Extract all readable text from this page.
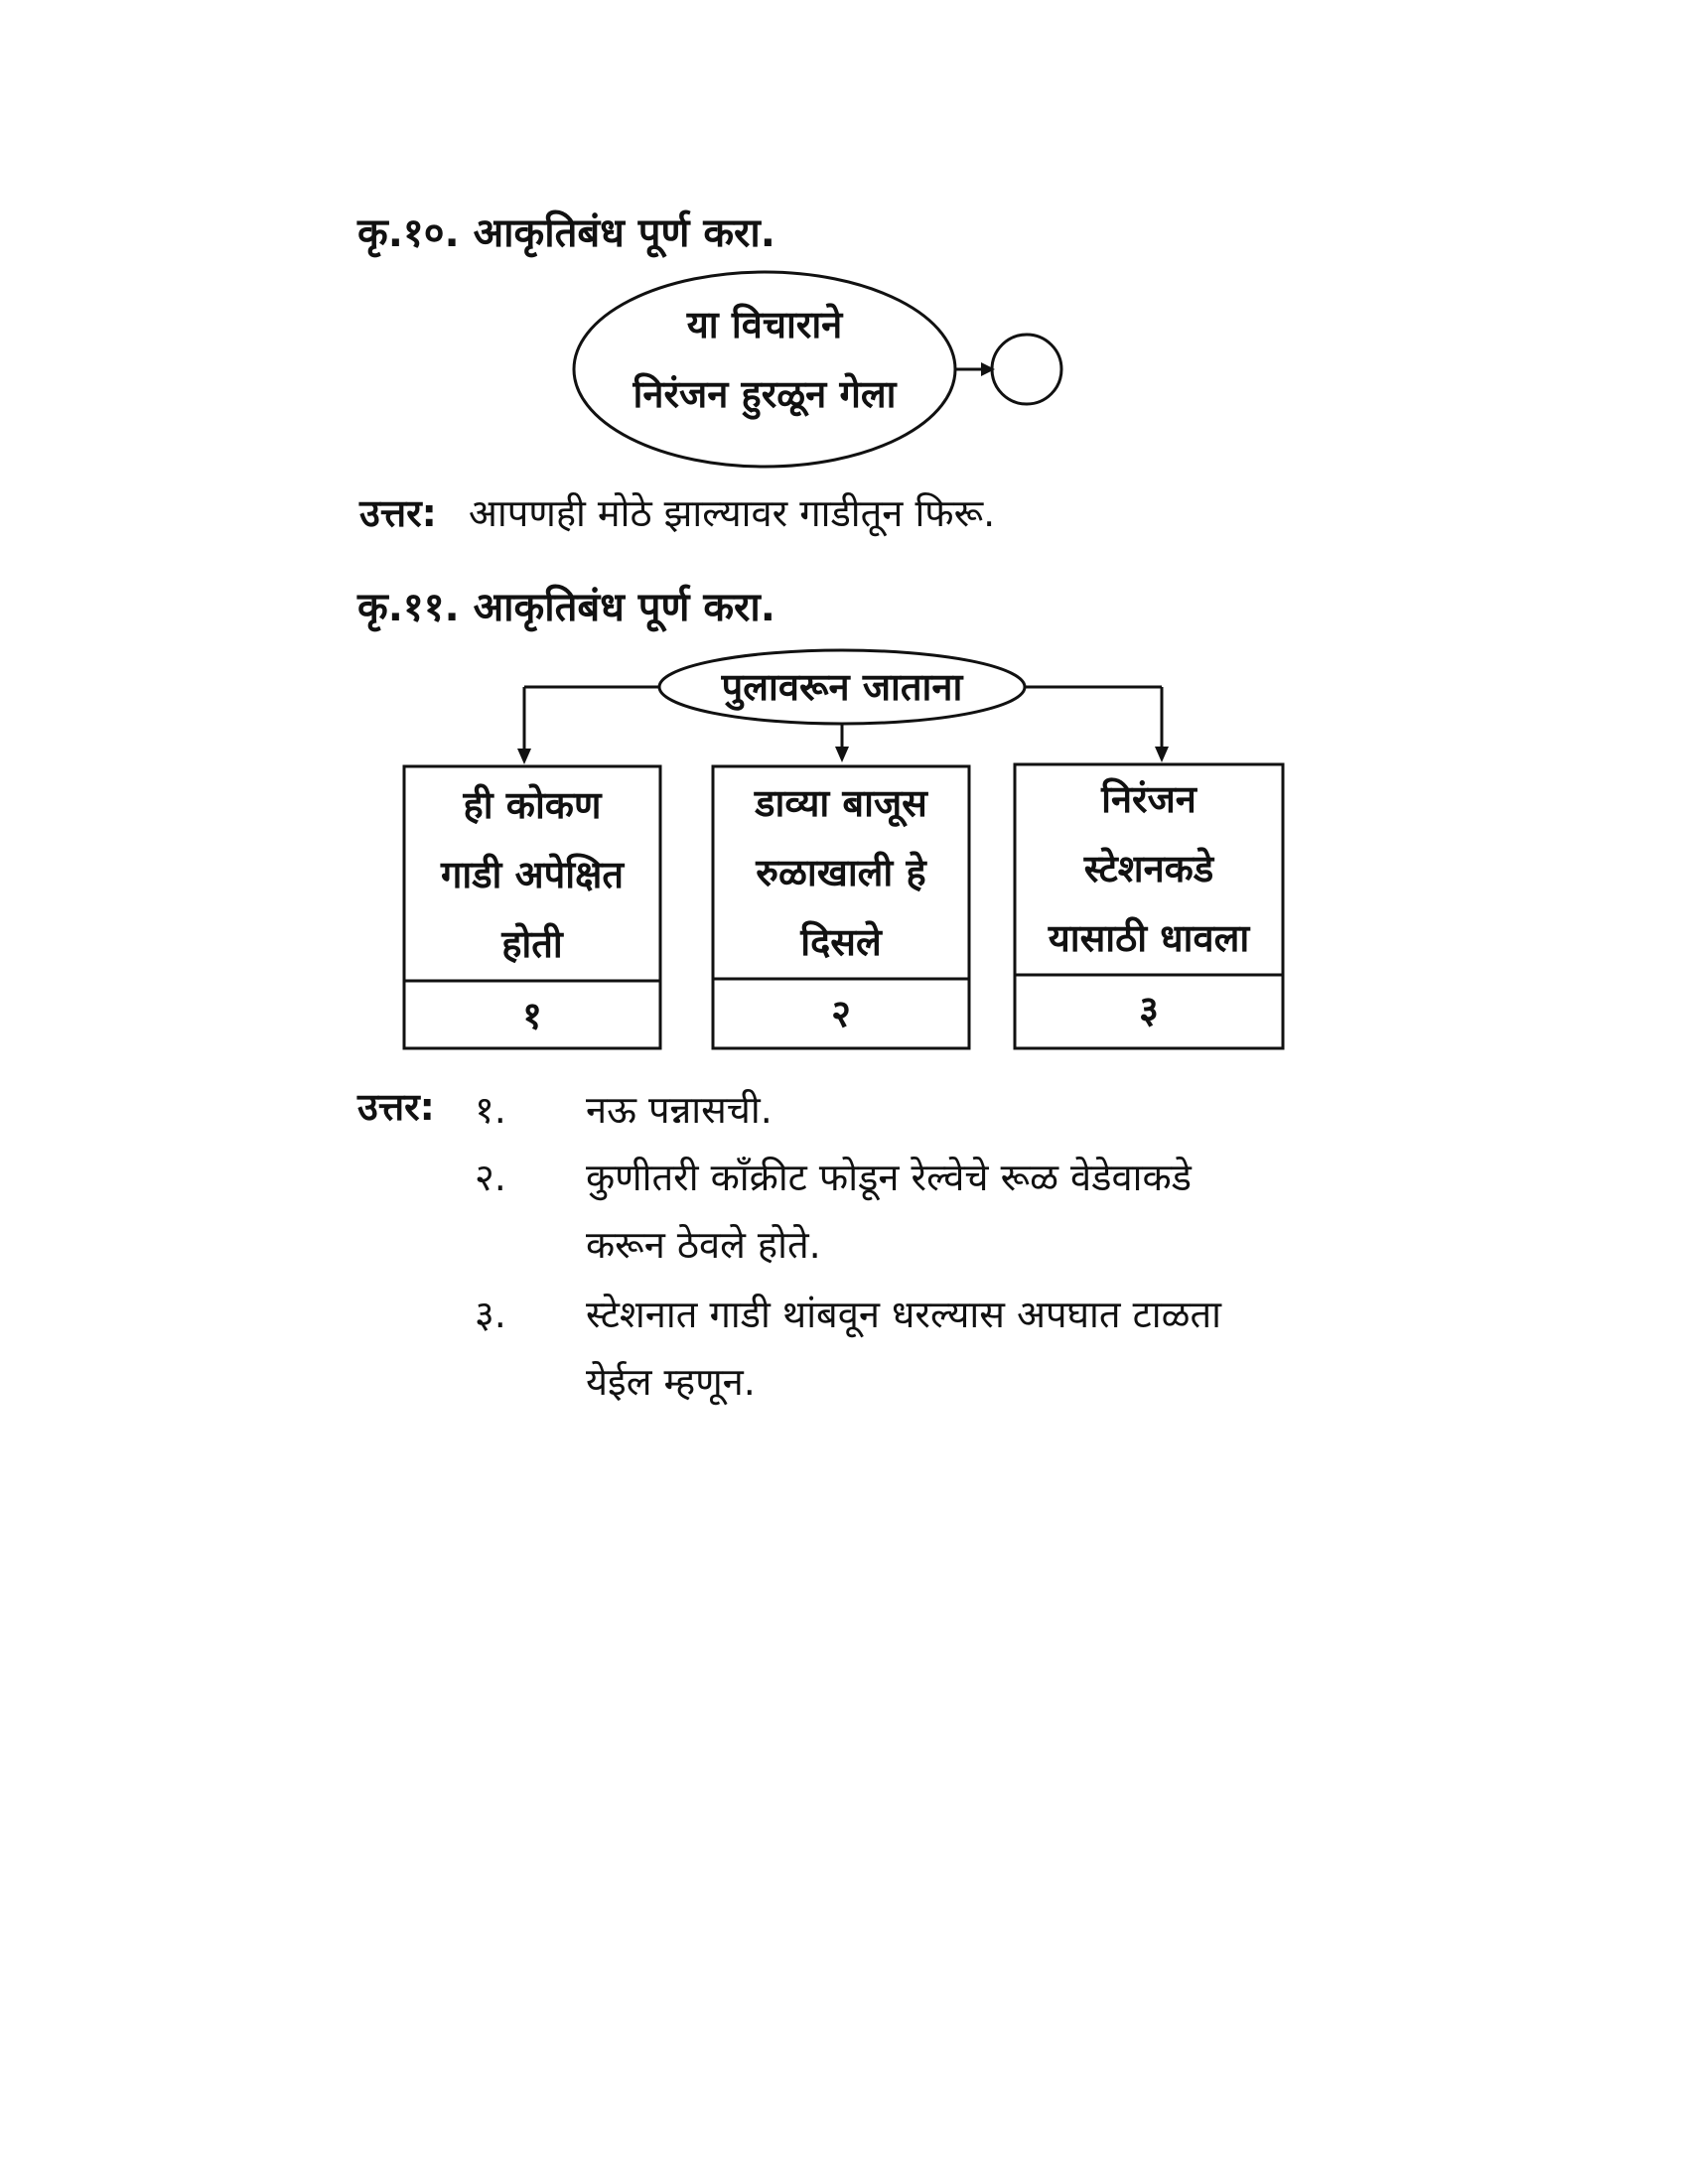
कृ.१०. आकृतिबंध पूर्ण करा.
या विचाराने
निरंजन हुरळून गेला
उत्तर: आपणही मोठे झाल्यावर गाडीतून फिरू.
कृ.११. आकृतिबंध पूर्ण करा.
पुलावरून जाताना
ही कोकण
गाडी अपेक्षित
होती
१
डाव्या बाजूस
रुळाखाली हे
दिसले
२
निरंजन
स्टेशनकडे
यासाठी धावला
३
उत्तर: १. नऊ पन्नासची.
२. कुणीतरी काँक्रीट फोडून रेल्वेचे रूळ वेडेवाकडे
करून ठेवले होते.
३. स्टेशनात गाडी थांबवून धरल्यास अपघात टाळता
येईल म्हणून.
